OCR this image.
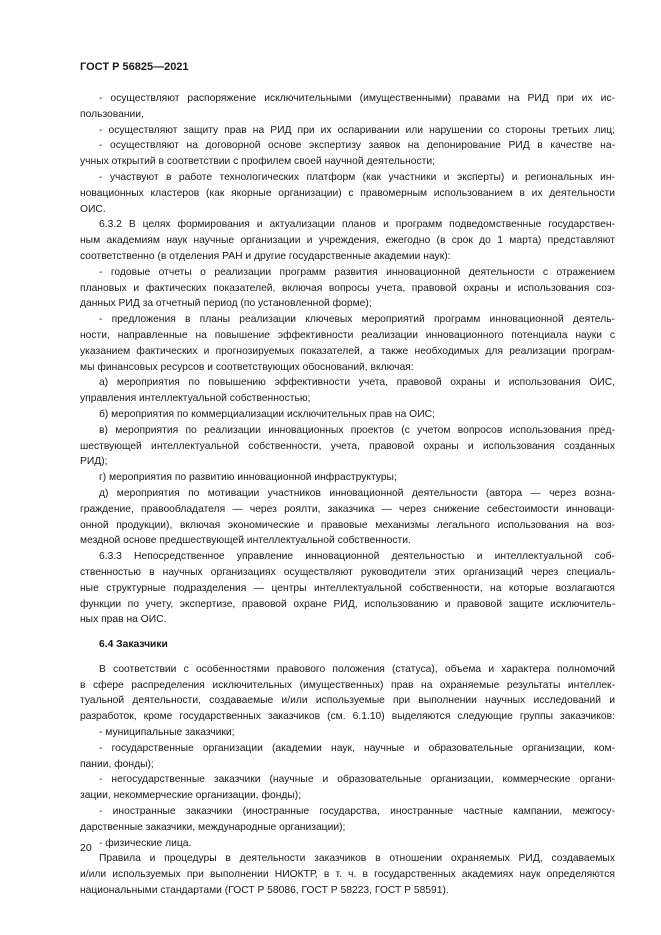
ГОСТ Р 56825—2021
- осуществляют распоряжение исключительными (имущественными) правами на РИД при их ис-
пользовании,
- осуществляют защиту прав на РИД при их оспаривании или нарушении со стороны третьих лиц;
- осуществляют на договорной основе экспертизу заявок на депонирование РИД в качестве на-
учных открытий в соответствии с профилем своей научной деятельности;
- участвуют в работе технологических платформ (как участники и эксперты) и региональных ин-
новационных кластеров (как якорные организации) с правомерным использованием в их деятельности
ОИС.
6.3.2 В целях формирования и актуализации планов и программ подведомственные государствен-
ным академиям наук научные организации и учреждения, ежегодно (в срок до 1 марта) представляют
соответственно (в отделения РАН и другие государственные академии наук):
- годовые отчеты о реализации программ развития инновационной деятельности с отражением
плановых и фактических показателей, включая вопросы учета, правовой охраны и использования соз-
данных РИД за отчетный период (по установленной форме);
- предложения в планы реализации ключевых мероприятий программ инновационной деятель-
ности, направленные на повышение эффективности реализации инновационного потенциала науки с
указанием фактических и прогнозируемых показателей, а также необходимых для реализации програм-
мы финансовых ресурсов и соответствующих обоснований, включая:
а) мероприятия по повышению эффективности учета, правовой охраны и использования ОИС,
управления интеллектуальной собственностью;
б) мероприятия по коммерциализации исключительных прав на ОИС;
в) мероприятия по реализации инновационных проектов (с учетом вопросов использования пред-
шествующей интеллектуальной собственности, учета, правовой охраны и использования созданных
РИД);
г) мероприятия по развитию инновационной инфраструктуры;
д) мероприятия по мотивации участников инновационной деятельности (автора — через возна-
граждение, правообладателя — через роялти, заказчика — через снижение себестоимости инноваци-
онной продукции), включая экономические и правовые механизмы легального использования на воз-
мездной основе предшествующей интеллектуальной собственности.
6.3.3 Непосредственное управление инновационной деятельностью и интеллектуальной соб-
ственностью в научных организациях осуществляют руководители этих организаций через специаль-
ные структурные подразделения — центры интеллектуальной собственности, на которые возлагаются
функции по учету, экспертизе, правовой охране РИД, использованию и правовой защите исключитель-
ных прав на ОИС.
6.4 Заказчики
В соответствии с особенностями правового положения (статуса), объема и характера полномочий
в сфере распределения исключительных (имущественных) прав на охраняемые результаты интеллек-
туальной деятельности, создаваемые и/или используемые при выполнении научных исследований и
разработок, кроме государственных заказчиков (см. 6.1.10) выделяются следующие группы заказчиков:
- муниципальные заказчики;
- государственные организации (академии наук, научные и образовательные организации, ком-
пании, фонды);
- негосударственные заказчики (научные и образовательные организации, коммерческие органи-
зации, некоммерческие организации, фонды);
- иностранные заказчики (иностранные государства, иностранные частные кампании, межгосу-
дарственные заказчики, международные организации);
- физические лица.
Правила и процедуры в деятельности заказчиков в отношении охраняемых РИД, создаваемых
и/или используемых при выполнении НИОКТР, в т. ч. в государственных академиях наук определяются
национальными стандартами (ГОСТ Р 58086, ГОСТ Р 58223, ГОСТ Р 58591).
20
